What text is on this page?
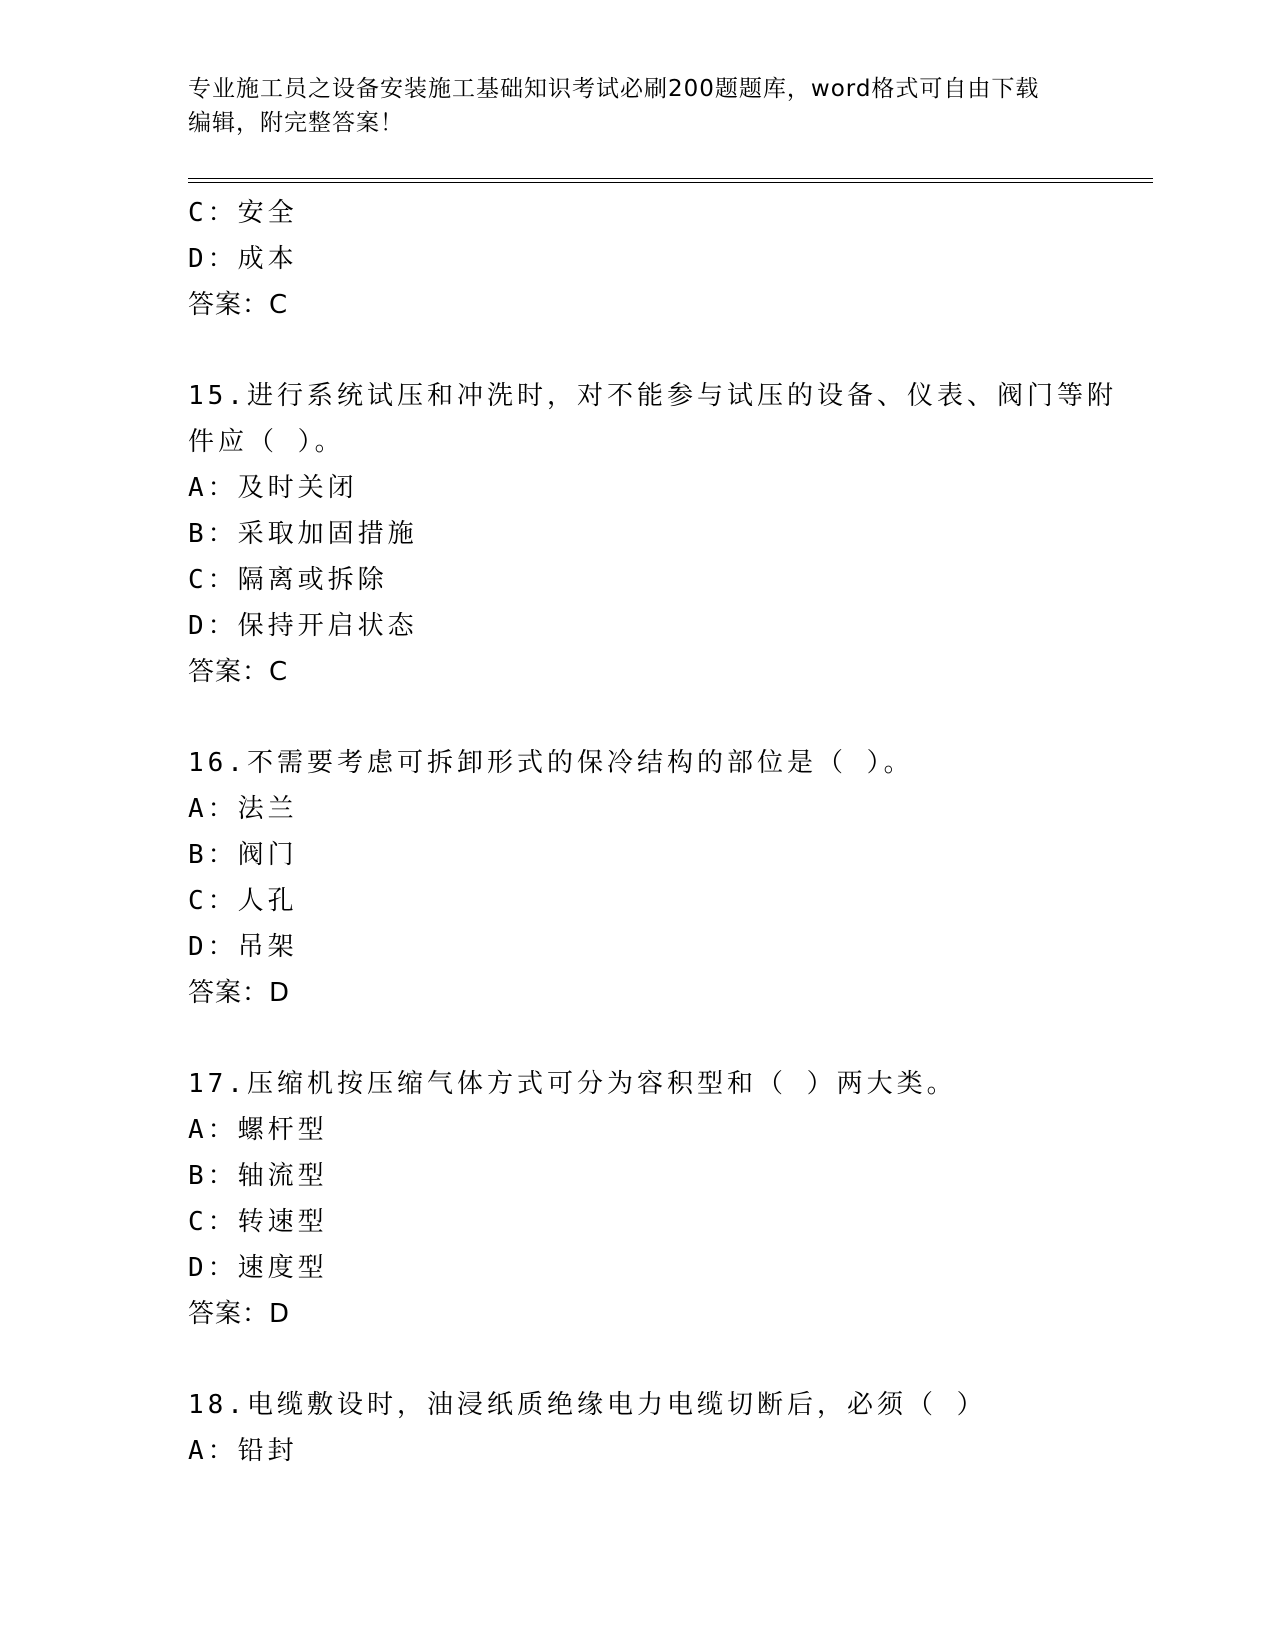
专业施工员之设备安装施工基础知识考试必刷200题题库，word格式可自由下载
编辑，附完整答案！
C：安全
D：成本
答案：C
15.进行系统试压和冲洗时，对不能参与试压的设备、仪表、阀门等附
件应（ ）。
A：及时关闭
B：采取加固措施
C：隔离或拆除
D：保持开启状态
答案：C
16.不需要考虑可拆卸形式的保冷结构的部位是（ ）。
A：法兰
B：阀门
C：人孔
D：吊架
答案：D
17.压缩机按压缩气体方式可分为容积型和（ ）两大类。
A：螺杆型
B：轴流型
C：转速型
D：速度型
答案：D
18.电缆敷设时，油浸纸质绝缘电力电缆切断后，必须（ ）
A：铅封
